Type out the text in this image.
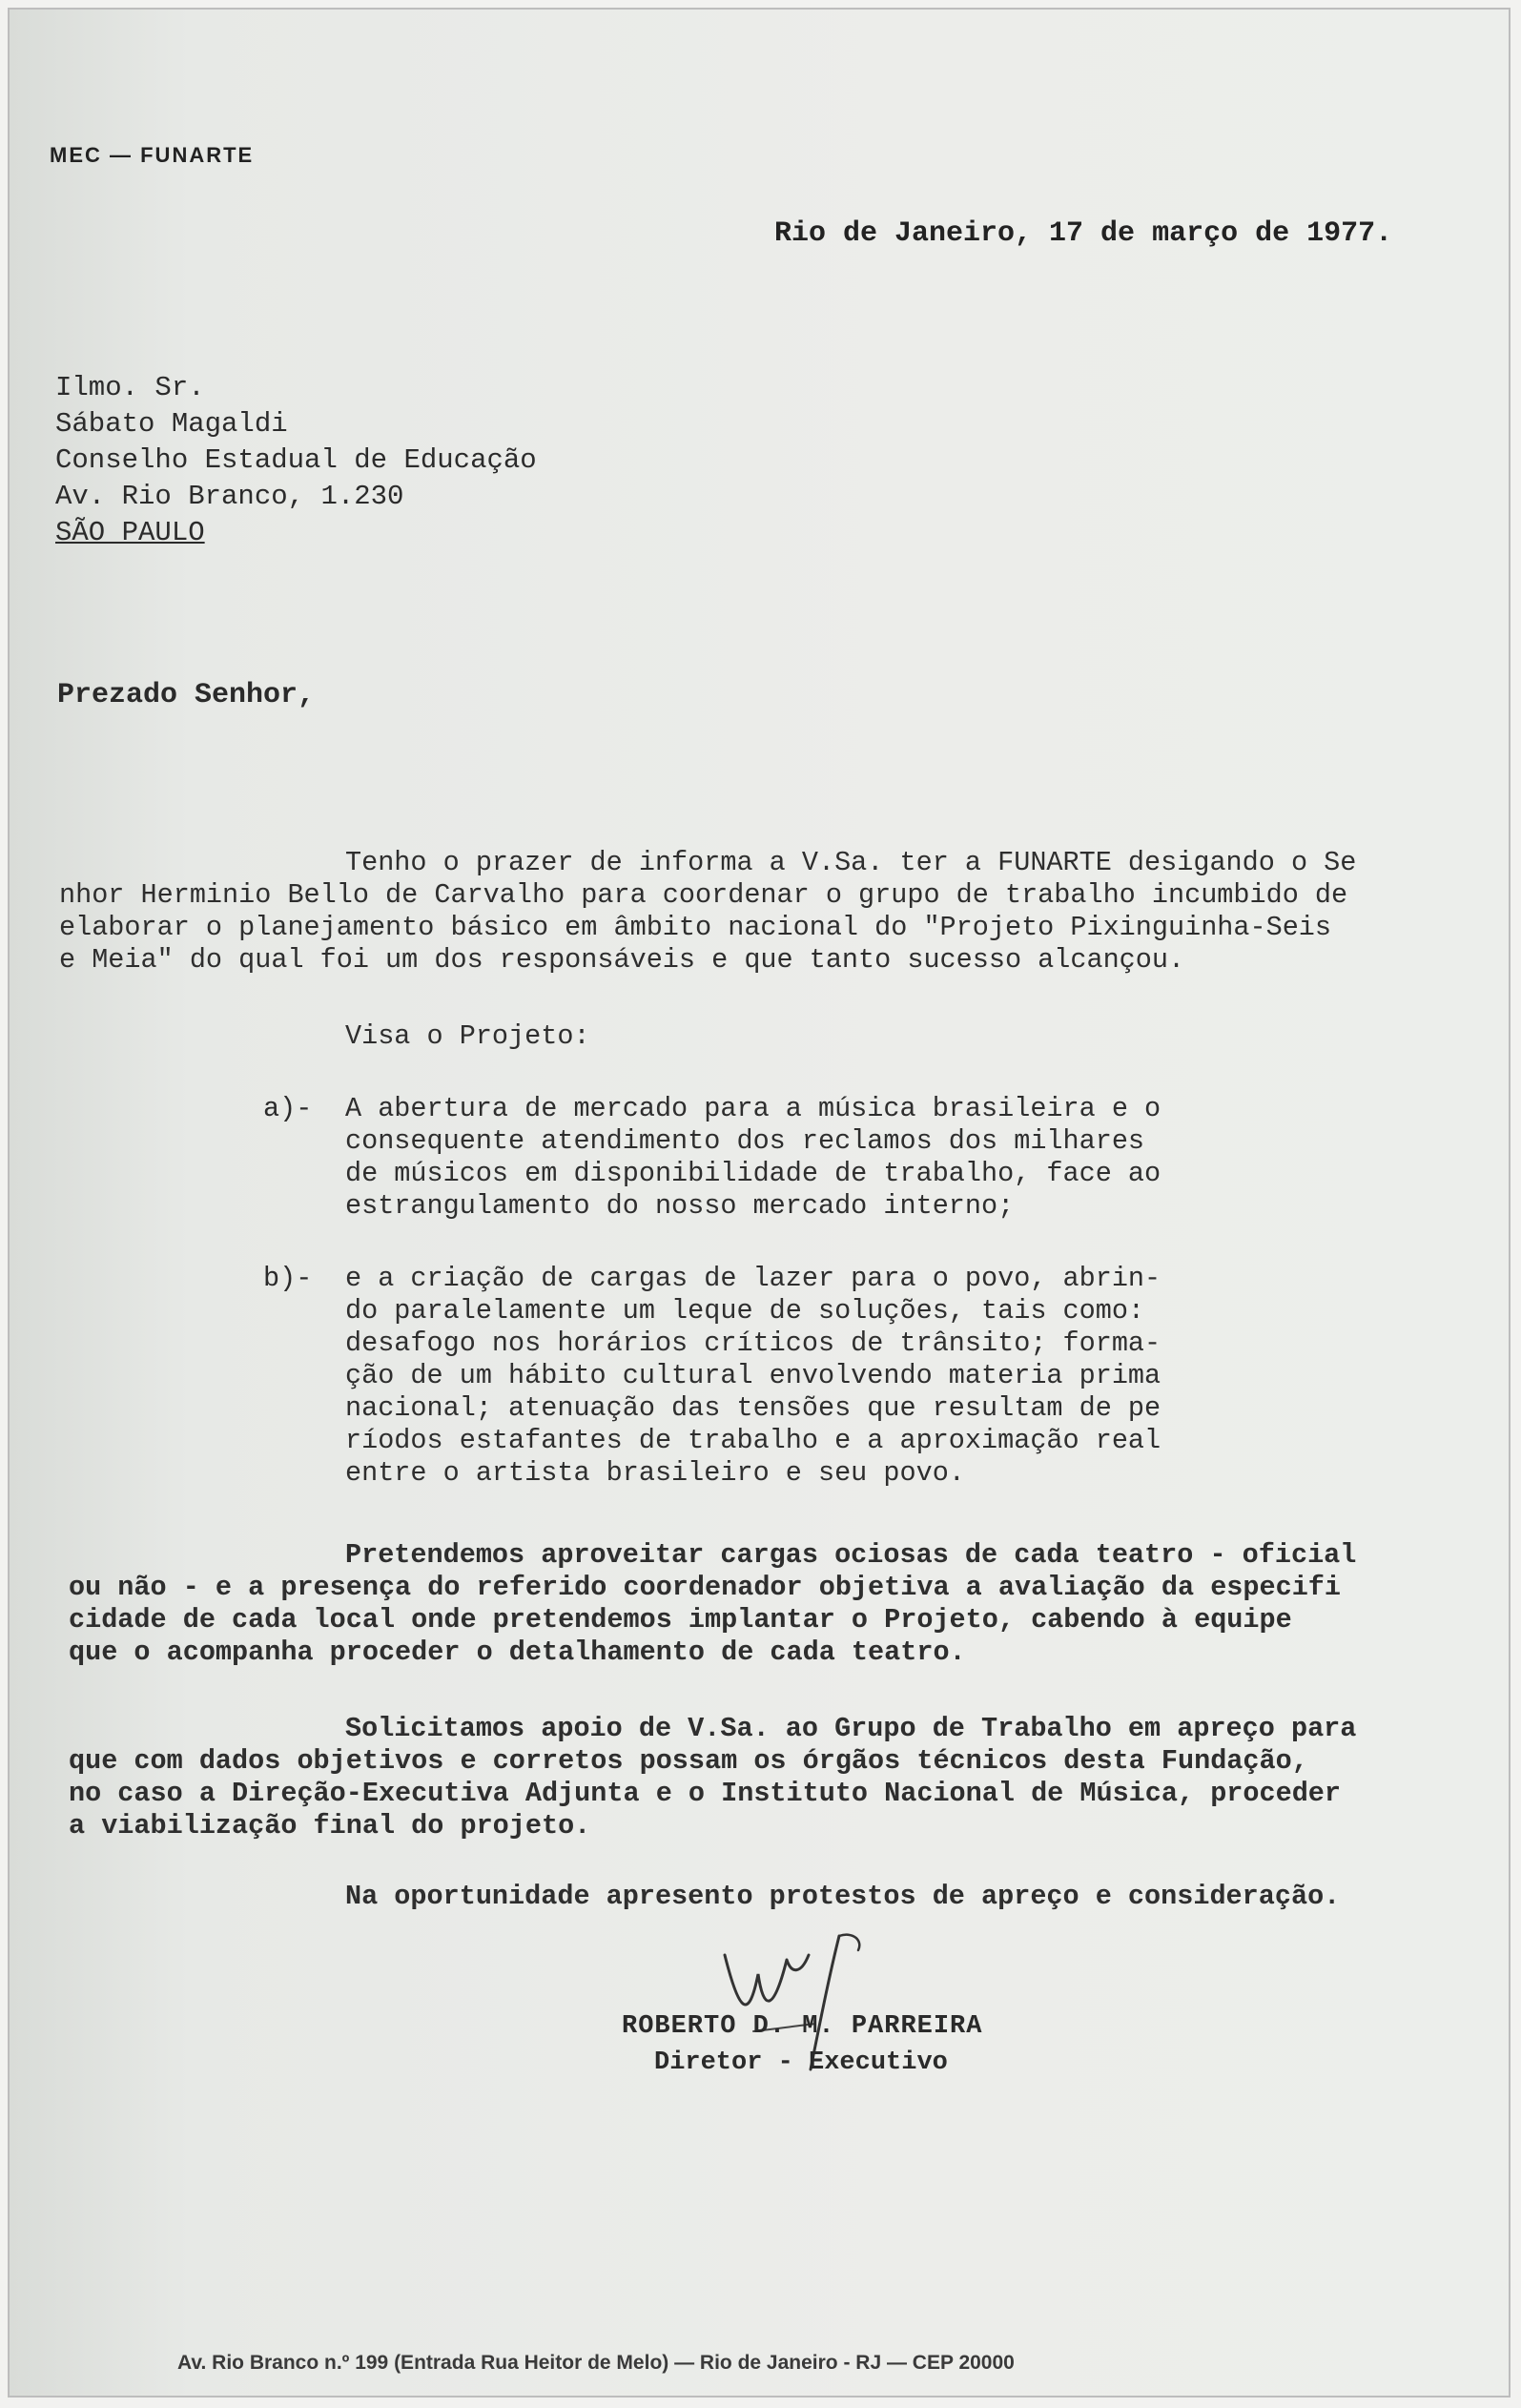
MEC — FUNARTE
Rio de Janeiro, 17 de março de 1977.
Ilmo. Sr.
Sábato Magaldi
Conselho Estadual de Educação
Av. Rio Branco, 1.230
SÃO PAULO
Prezado Senhor,
Tenho o prazer de informa a V.Sa. ter a FUNARTE desigando o Se
nhor Herminio Bello de Carvalho para coordenar o grupo de trabalho incumbido de
elaborar o planejamento básico em âmbito nacional do "Projeto Pixinguinha-Seis
e Meia" do qual foi um dos responsáveis e que tanto sucesso alcançou.
Visa o Projeto:
a)- A abertura de mercado para a música brasileira e o
consequente atendimento dos reclamos dos milhares
de músicos em disponibilidade de trabalho, face ao
estrangulamento do nosso mercado interno;
b)- e a criação de cargas de lazer para o povo, abrin-
do paralelamente um leque de soluções, tais como:
desafogo nos horários críticos de trânsito; forma-
ção de um hábito cultural envolvendo materia prima
nacional; atenuação das tensões que resultam de pe
ríodos estafantes de trabalho e a aproximação real
entre o artista brasileiro e seu povo.
Pretendemos aproveitar cargas ociosas de cada teatro - oficial
ou não - e a presença do referido coordenador objetiva a avaliação da especifi
cidade de cada local onde pretendemos implantar o Projeto, cabendo à equipe
que o acompanha proceder o detalhamento de cada teatro.
Solicitamos apoio de V.Sa. ao Grupo de Trabalho em apreço para
que com dados objetivos e corretos possam os órgãos técnicos desta Fundação,
no caso a Direção-Executiva Adjunta e o Instituto Nacional de Música, proceder
a viabilização final do projeto.
Na oportunidade apresento protestos de apreço e consideração.
ROBERTO D. M. PARREIRA
Diretor - Executivo
Av. Rio Branco n.º 199 (Entrada Rua Heitor de Melo) — Rio de Janeiro - RJ — CEP 20000
